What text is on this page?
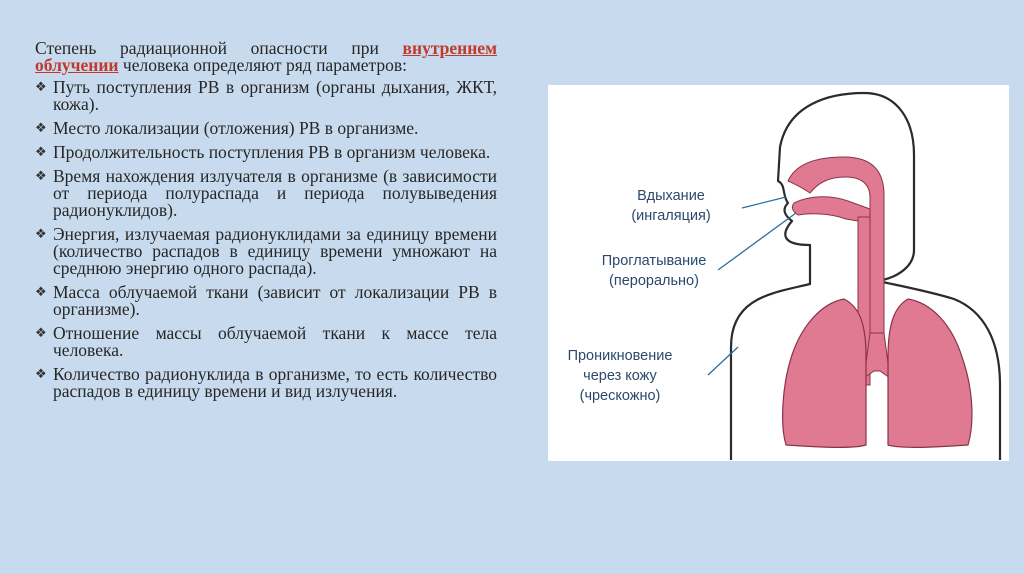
Степень радиационной опасности при внутреннем облучении человека определяют ряд параметров:

❖ Путь поступления РВ в организм (органы дыхания, ЖКТ, кожа).
❖ Место локализации (отложения) РВ в организме.
❖ Продолжительность поступления РВ в организм человека.
❖ Время нахождения излучателя в организме (в зависимости от периода полураспада и периода полувыведения радионуклидов).
❖ Энергия, излучаемая радионуклидами за единицу времени (количество распадов в единицу времени умножают на среднюю энергию одного распада).
❖ Масса облучаемой ткани (зависит от локализации РВ в организме).
❖ Отношение массы облучаемой ткани к массе тела человека.
❖ Количество радионуклида в организме, то есть количество распадов в единицу времени и вид излучения.
Вдыхание
(ингаляция)
Проглатывание
(перорально)
Проникновение
через кожу
(чрескожно)
